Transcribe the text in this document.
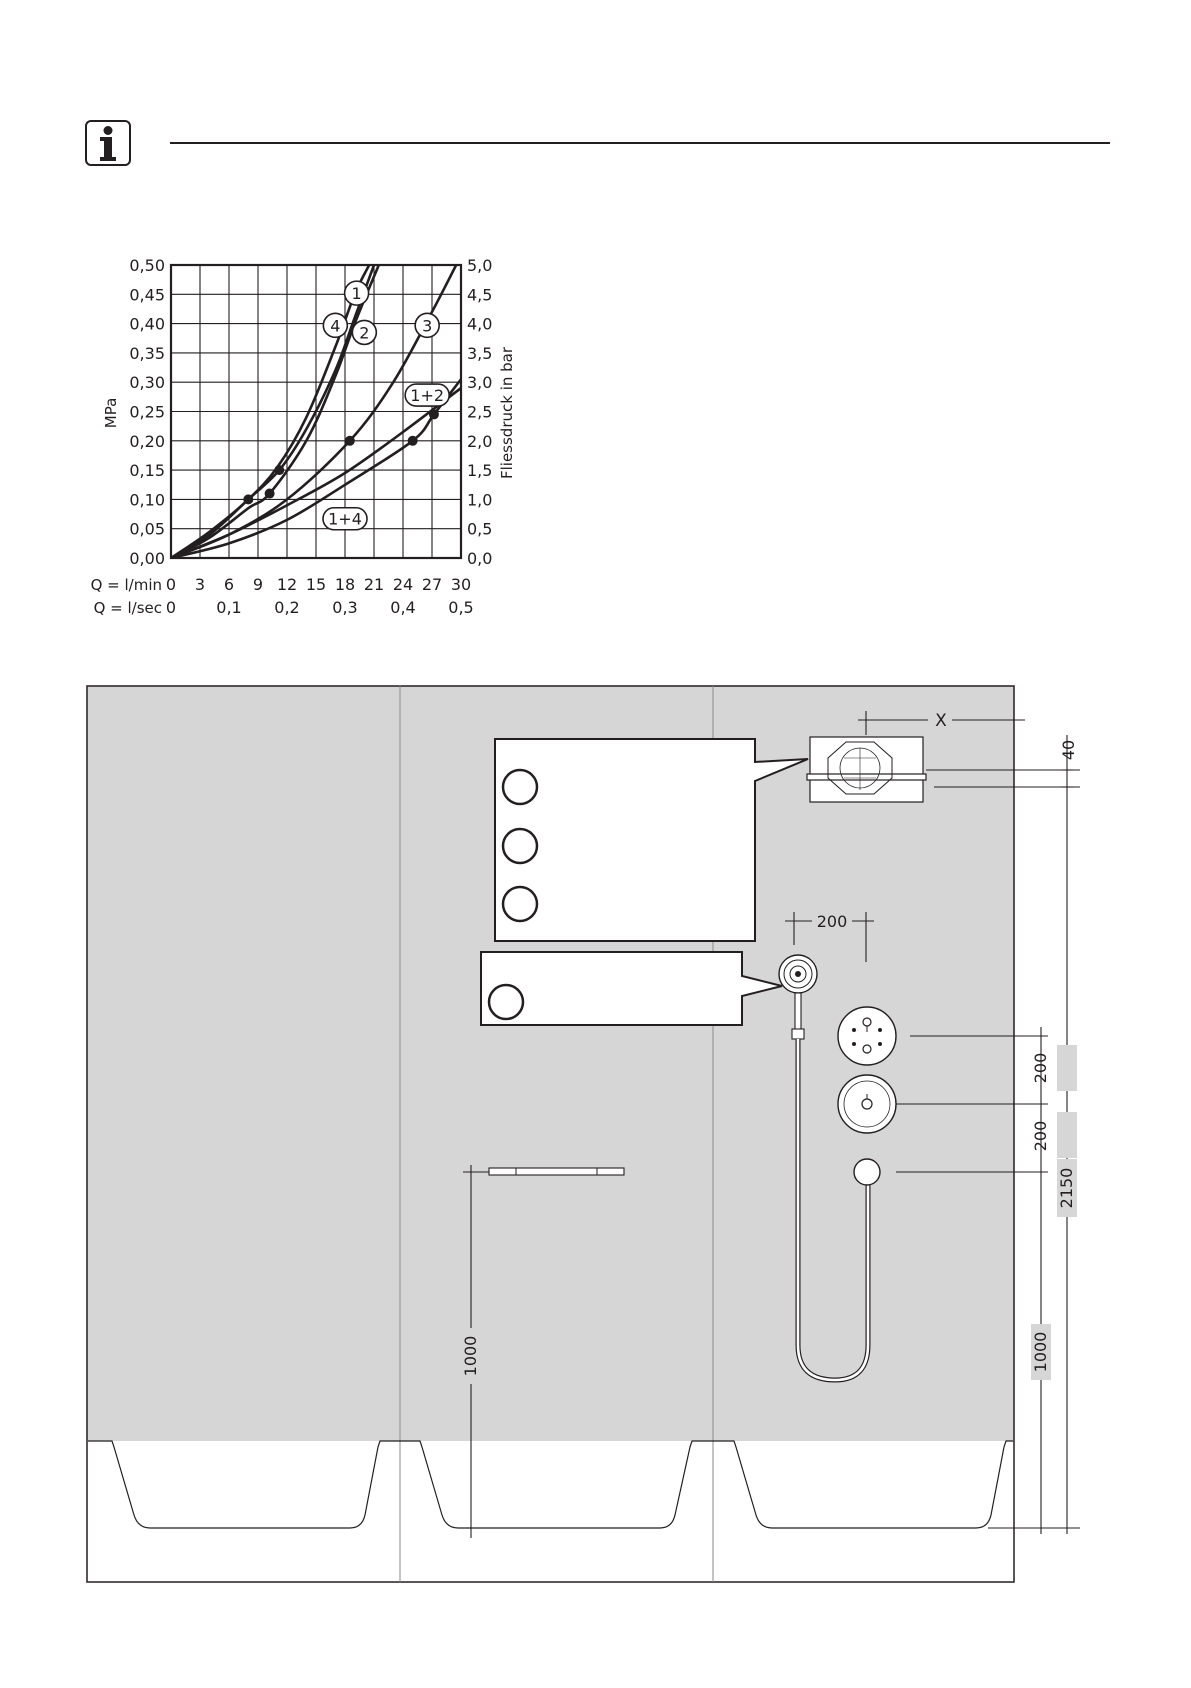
1
4 2	3
1+2
1+4
0,00
0,05
0,10
0,15
0,20
0,25
0,30
0,35
0,40
0,45
0,50
0,0
0,5
1,0
1,5
2,0
2,5
3,0
3,5
4,0
4,5
5,0
0 3 6 9 12 15 18 21 24 27 30
0	0,1 0,2 0,3 0,4 0,5
MPa	Fliessdruck in bar
Q = l/min
Q = l/sec
X
40
200
200
200
2150
1000
1000
